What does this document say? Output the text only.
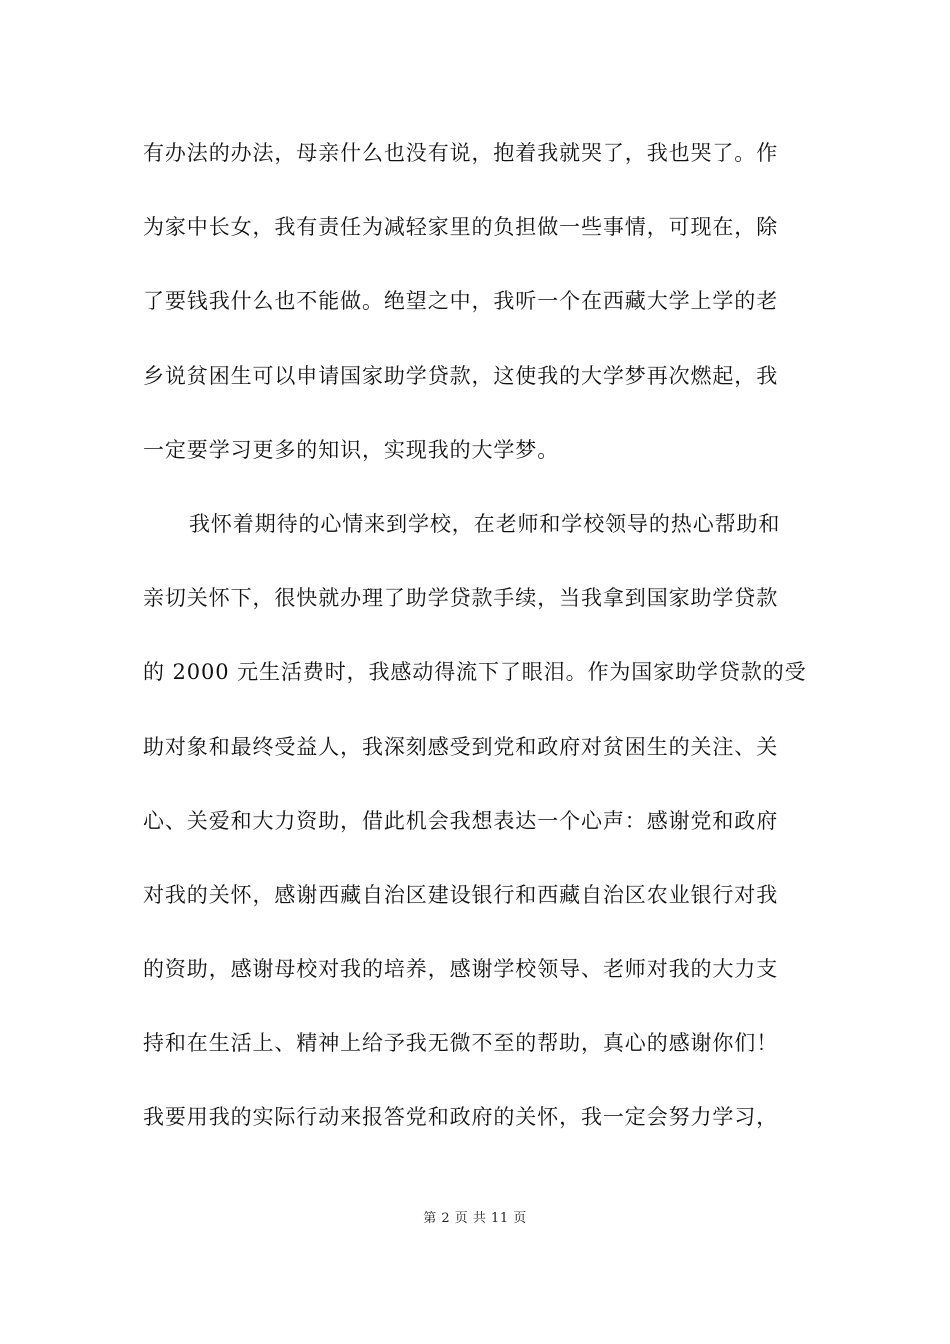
有办法的办法，母亲什么也没有说，抱着我就哭了，我也哭了。作
为家中长女，我有责任为减轻家里的负担做一些事情，可现在，除
了要钱我什么也不能做。绝望之中，我听一个在西藏大学上学的老
乡说贫困生可以申请国家助学贷款，这使我的大学梦再次燃起，我
一定要学习更多的知识，实现我的大学梦。
我怀着期待的心情来到学校，在老师和学校领导的热心帮助和
亲切关怀下，很快就办理了助学贷款手续，当我拿到国家助学贷款
的 2000 元生活费时，我感动得流下了眼泪。作为国家助学贷款的受
助对象和最终受益人，我深刻感受到党和政府对贫困生的关注、关
心、关爱和大力资助，借此机会我想表达一个心声：感谢党和政府
对我的关怀，感谢西藏自治区建设银行和西藏自治区农业银行对我
的资助，感谢母校对我的培养，感谢学校领导、老师对我的大力支
持和在生活上、精神上给予我无微不至的帮助，真心的感谢你们！
我要用我的实际行动来报答党和政府的关怀，我一定会努力学习，
第 2 页 共 11 页
